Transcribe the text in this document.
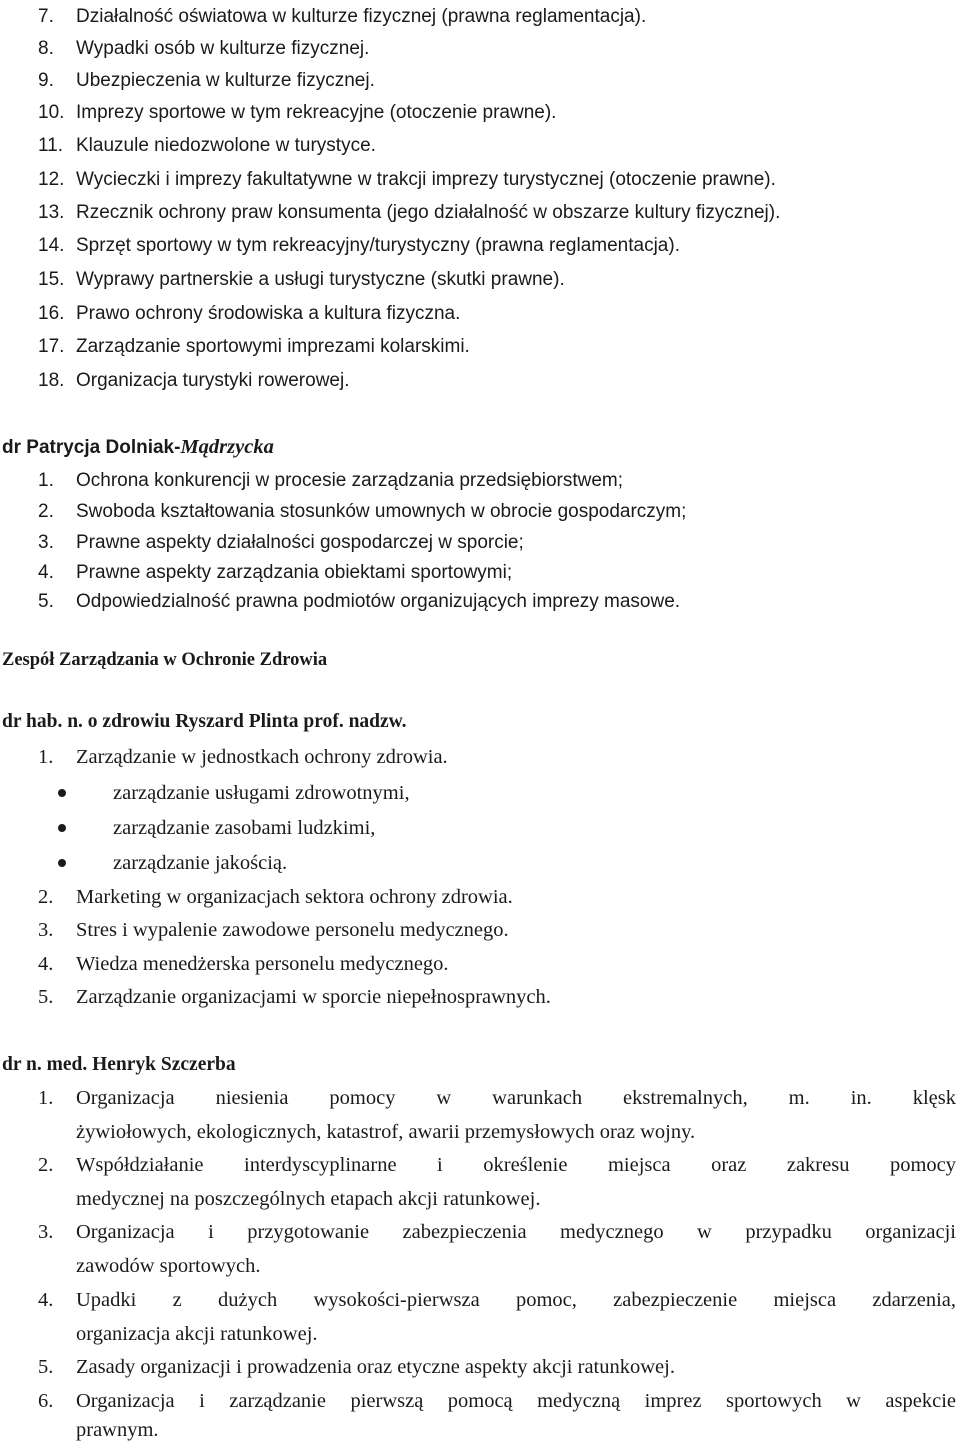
7. Działalność oświatowa w kulturze fizycznej (prawna reglamentacja).
8. Wypadki osób w kulturze fizycznej.
9. Ubezpieczenia w kulturze fizycznej.
10. Imprezy sportowe w tym rekreacyjne (otoczenie prawne).
11. Klauzule niedozwolone w turystyce.
12. Wycieczki i imprezy fakultatywne w trakcji imprezy turystycznej (otoczenie prawne).
13. Rzecznik ochrony praw konsumenta (jego działalność w obszarze kultury fizycznej).
14. Sprzęt sportowy w tym rekreacyjny/turystyczny (prawna reglamentacja).
15. Wyprawy partnerskie a usługi turystyczne (skutki prawne).
16. Prawo ochrony środowiska a kultura fizyczna.
17. Zarządzanie sportowymi imprezami kolarskimi.
18. Organizacja turystyki rowerowej.
dr Patrycja Dolniak-Mądrzycka
1. Ochrona konkurencji w procesie zarządzania przedsiębiorstwem;
2. Swoboda kształtowania stosunków umownych w obrocie gospodarczym;
3. Prawne aspekty działalności gospodarczej w sporcie;
4. Prawne aspekty zarządzania obiektami sportowymi;
5. Odpowiedzialność prawna podmiotów organizujących imprezy masowe.
Zespół Zarządzania w Ochronie Zdrowia
dr hab. n. o zdrowiu Ryszard Plinta prof. nadzw.
1. Zarządzanie w jednostkach ochrony zdrowia.
zarządzanie usługami zdrowotnymi,
zarządzanie zasobami ludzkimi,
zarządzanie jakością.
2. Marketing w organizacjach sektora ochrony zdrowia.
3. Stres i wypalenie zawodowe personelu medycznego.
4. Wiedza menedżerska personelu medycznego.
5. Zarządzanie organizacjami w sporcie niepełnosprawnych.
dr n. med. Henryk Szczerba
1. Organizacja niesienia pomocy w warunkach ekstremalnych, m. in. klęsk
żywiołowych, ekologicznych, katastrof, awarii przemysłowych oraz wojny.
2. Współdziałanie interdyscyplinarne i określenie miejsca oraz zakresu pomocy
medycznej na poszczególnych etapach akcji ratunkowej.
3. Organizacja i przygotowanie zabezpieczenia medycznego w przypadku organizacji
zawodów sportowych.
4. Upadki z dużych wysokości-pierwsza pomoc, zabezpieczenie miejsca zdarzenia,
organizacja akcji ratunkowej.
5. Zasady organizacji i prowadzenia oraz etyczne aspekty akcji ratunkowej.
6. Organizacja i zarządzanie pierwszą pomocą medyczną imprez sportowych w aspekcie
prawnym.
